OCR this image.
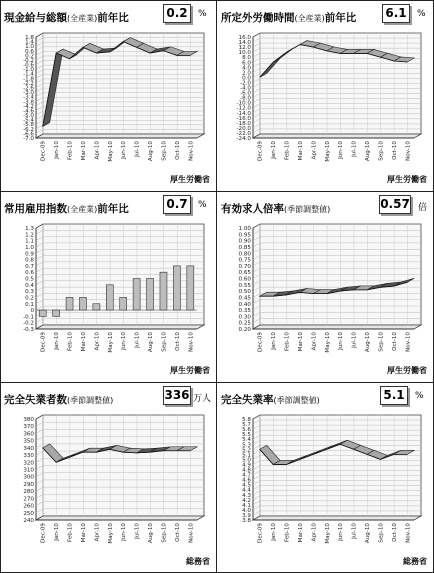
現金給与総額(全産業)前年比	0.2	%
1.8
1.4
1.0
0.6
0.2
-0.2
-0.6
-1.0
-1.4
-1.8
-2.2
-2.6
-3.0
-3.4
-3.8
-4.2
-4.6
-5.0
-5.4
-5.8
-6.2
-6.6
-7.0
Dec-09 Jan-10 Feb-10 Mar-10 Apr-10 May-10 Jun-10 Jul-10 Aug-10 Sep-10 Oct-10 Nov-10
厚生労働省
所定外労働時間(全産業)前年比 6.1	%
16.0
14.0
12.0
10.0
8.0
6.0
4.0
2.0
0.0
-2.0
-4.0
-6.0
-8.0
-10.0
-12.0
-14.0
-16.0
-18.0
-20.0
-22.0
-24.0
Dec-09 Jan-10 Feb-10 Mar-10 Apr-10 May-10 Jun-10 Jul-10 Aug-10 Sep-10 Oct-10 Nov-10
厚生労働省
常用雇用指数(全産業)前年比	0.7	%
1.3
1.2
1.1
1.0
0.9
0.8
0.7
0.6
0.5
0.4
0.3
0.2
0.1
0
-0.1
-0.2
-0.3
Dec-09 Jan-10 Feb-10 Mar-10 Apr-10 May-10 Jun-10 Jul-10 Aug-10 Sep-10 Oct-10 Nov-10
厚生労働省
有効求人倍率(季節調整値)	0.57 倍
1.00
0.95
0.90
0.85
0.80
0.75
0.70
0.65
0.60
0.55
0.50
0.45
0.40
0.35
0.30
0.25
0.20
Dec-09 Jan-10 Feb-10 Mar-10 Apr-10 May-10 Jun-10 Jul-10 Aug-10 Sep-10 Oct-10 Nov-10
厚生労働省
完全失業者数(季節調整値)	336 万人
380
370
360
350
340
330
320
310
300
290
280
270
260
250
240
Dec-09 Jan-10 Feb-10 Mar-10 Apr-10 May-10 Jun-10 Jul-10 Aug-10 Sep-10 Oct-10 Nov-10
総務省
完全失業率(季節調整値)	5.1	%
5.8
5.7
5.6
5.5
5.4
5.3
5.2
5.1
5.0
4.9
4.8
4.7
4.6
4.5
4.4
4.3
4.2
4.1
4.0
3.9
3.8
Dec-09 Jan-10 Feb-10 Mar-10 Apr-10 May-10 Jun-10 Jul-10 Aug-10 Sep-10 Oct-10 Nov-10
総務省
